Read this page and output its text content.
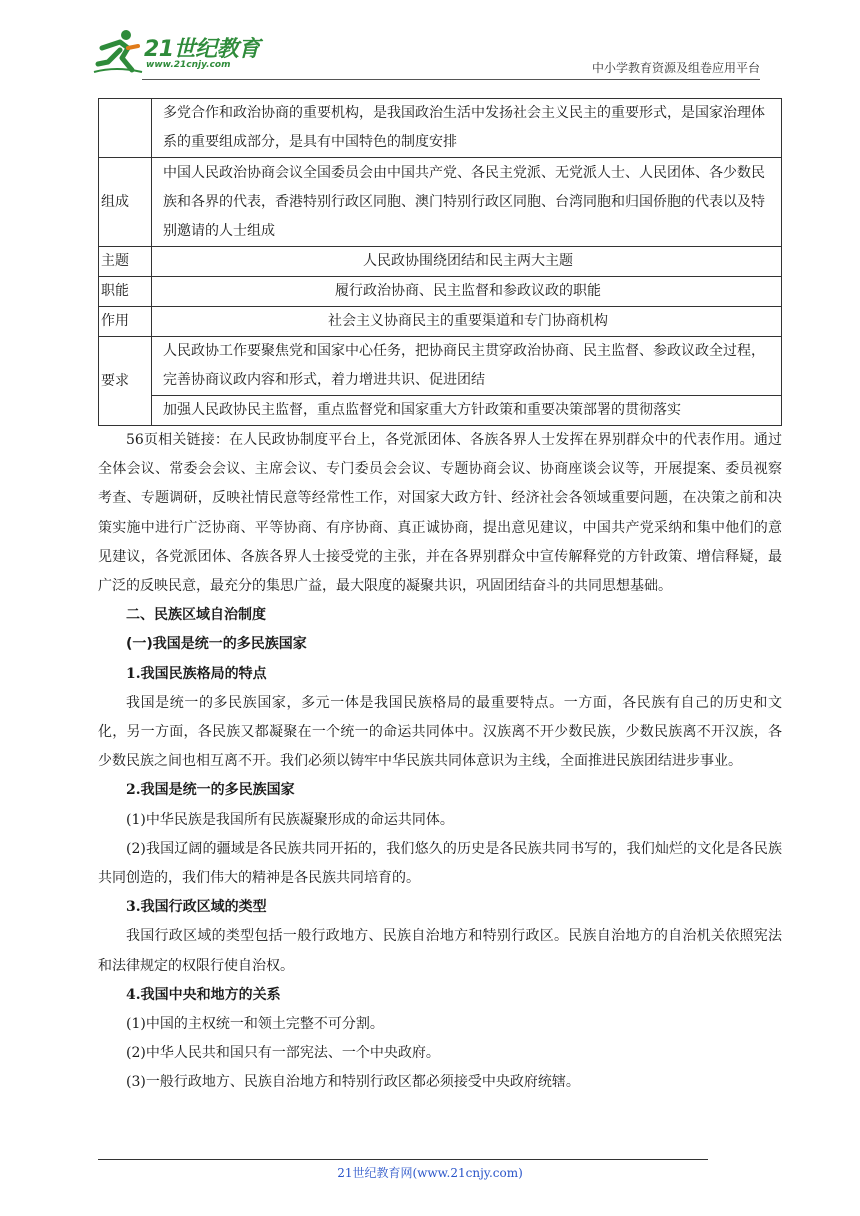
21世纪教育
www.21cnjy.com	中小学教育资源及组卷应用平台
	多党合作和政治协商的重要机构，是我国政治生活中发扬社会主义民主的重要形式，是国家治理体系的重要组成部分，是具有中国特色的制度安排
组成	中国人民政治协商会议全国委员会由中国共产党、各民主党派、无党派人士、人民团体、各少数民族和各界的代表，香港特别行政区同胞、澳门特别行政区同胞、台湾同胞和归国侨胞的代表以及特别邀请的人士组成
主题	人民政协围绕团结和民主两大主题
职能	履行政治协商、民主监督和参政议政的职能
作用	社会主义协商民主的重要渠道和专门协商机构
要求	人民政协工作要聚焦党和国家中心任务，把协商民主贯穿政治协商、民主监督、参政议政全过程，完善协商议政内容和形式，着力增进共识、促进团结
	加强人民政协民主监督，重点监督党和国家重大方针政策和重要决策部署的贯彻落实

56页相关链接：在人民政协制度平台上，各党派团体、各族各界人士发挥在界别群众中的代表作用。通过全体会议、常委会会议、主席会议、专门委员会会议、专题协商会议、协商座谈会议等，开展提案、委员视察考查、专题调研，反映社情民意等经常性工作，对国家大政方针、经济社会各领域重要问题，在决策之前和决策实施中进行广泛协商、平等协商、有序协商、真正诚协商，提出意见建议，中国共产党采纳和集中他们的意见建议，各党派团体、各族各界人士接受党的主张，并在各界别群众中宣传解释党的方针政策、增信释疑，最广泛的反映民意，最充分的集思广益，最大限度的凝聚共识，巩固团结奋斗的共同思想基础。

二、民族区域自治制度

(一)我国是统一的多民族国家

1.我国民族格局的特点

我国是统一的多民族国家，多元一体是我国民族格局的最重要特点。一方面，各民族有自己的历史和文化，另一方面，各民族又都凝聚在一个统一的命运共同体中。汉族离不开少数民族，少数民族离不开汉族，各少数民族之间也相互离不开。我们必须以铸牢中华民族共同体意识为主线，全面推进民族团结进步事业。

2.我国是统一的多民族国家

(1)中华民族是我国所有民族凝聚形成的命运共同体。

(2)我国辽阔的疆域是各民族共同开拓的，我们悠久的历史是各民族共同书写的，我们灿烂的文化是各民族共同创造的，我们伟大的精神是各民族共同培育的。

3.我国行政区域的类型

我国行政区域的类型包括一般行政地方、民族自治地方和特别行政区。民族自治地方的自治机关依照宪法和法律规定的权限行使自治权。

4.我国中央和地方的关系

(1)中国的主权统一和领土完整不可分割。

(2)中华人民共和国只有一部宪法、一个中央政府。

(3)一般行政地方、民族自治地方和特别行政区都必须接受中央政府统辖。

21世纪教育网(www.21cnjy.com)
